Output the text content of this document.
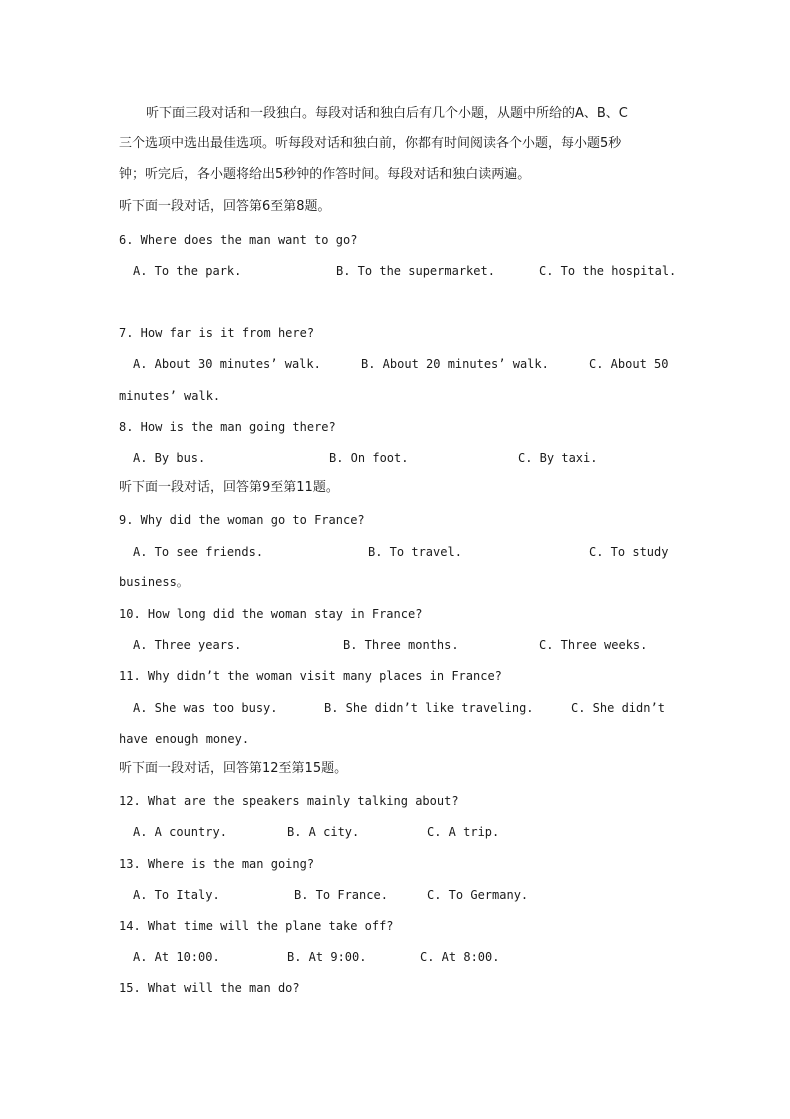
听下面三段对话和一段独白。每段对话和独白后有几个小题，从题中所给的A、B、C
三个选项中选出最佳选项。听每段对话和独白前，你都有时间阅读各个小题，每小题5秒
钟；听完后，各小题将给出5秒钟的作答时间。每段对话和独白读两遍。
听下面一段对话，回答第6至第8题。
6. Where does the man want to go?
A. To the park.	B. To the supermarket.	C. To the hospital.
7. How far is it from here?
A. About 30 minutes’ walk.	B. About 20 minutes’ walk.	C. About 50
minutes’ walk.
8. How is the man going there?
A. By bus.	B. On foot.	C. By taxi.
听下面一段对话，回答第9至第11题。
9. Why did the woman go to France?
A. To see friends.	B. To travel.	C. To study
business。
10. How long did the woman stay in France?
A. Three years.	B. Three months.	C. Three weeks.
11. Why didn’t the woman visit many places in France?
A. She was too busy.	B. She didn’t like traveling.	C. She didn’t
have enough money.
听下面一段对话，回答第12至第15题。
12. What are the speakers mainly talking about?
A. A country.	B. A city.	C. A trip.
13. Where is the man going?
A. To Italy.	B. To France.	C. To Germany.
14. What time will the plane take off?
A. At 10:00.	B. At 9:00.	C. At 8:00.
15. What will the man do?
